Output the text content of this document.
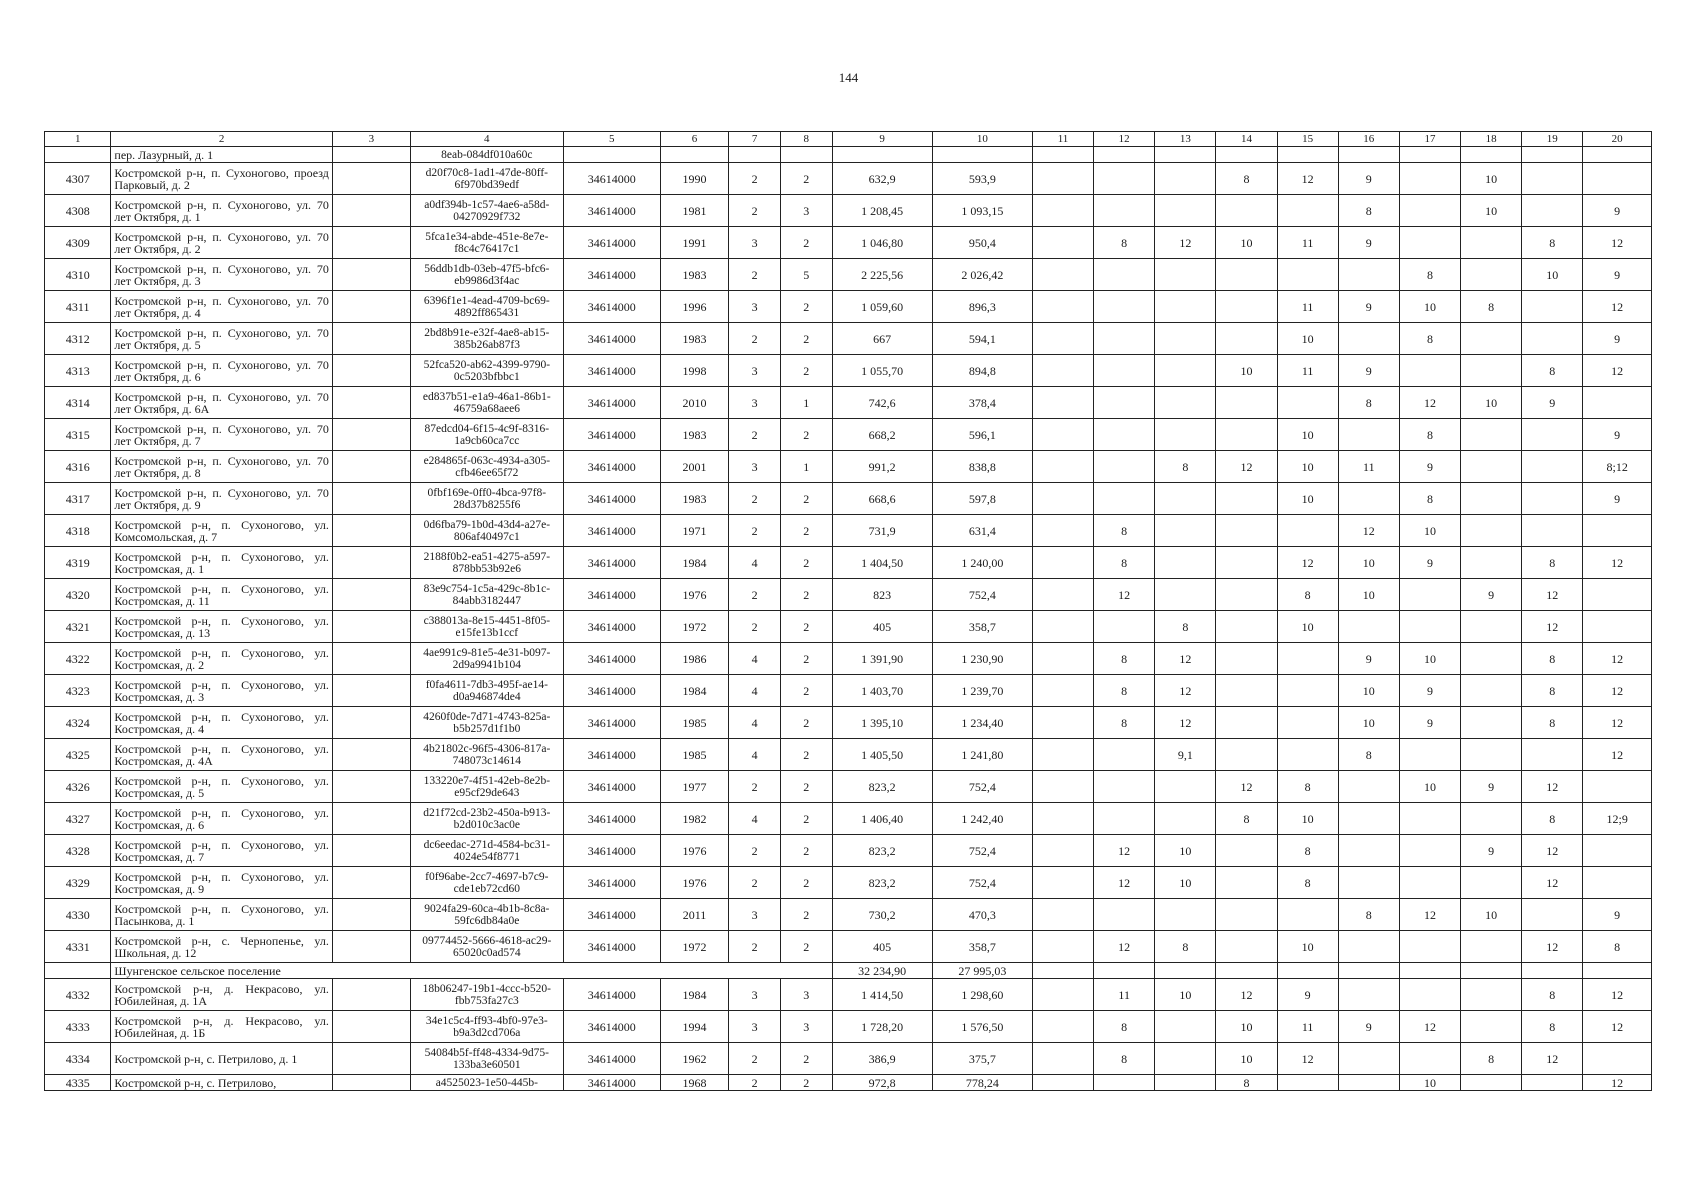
144
1	2	3	4	5	6	7	8	9	10	11	12	13	14	15	16	17	18	19	20
	пер. Лазурный, д. 1		8eab-084df010a60c																
4307	Костромской р-н, п. Сухоногово, проезд Парковый, д. 2		d20f70c8-1ad1-47de-80ff-6f970bd39edf	34614000	1990	2	2	632,9	593,9				8	12	9		10		
4308	Костромской р-н, п. Сухоногово, ул. 70 лет Октября, д. 1		a0df394b-1c57-4ae6-a58d-04270929f732	34614000	1981	2	3	1 208,45	1 093,15						8		10		9
4309	Костромской р-н, п. Сухоногово, ул. 70 лет Октября, д. 2		5fca1e34-abde-451e-8e7e-f8c4c76417c1	34614000	1991	3	2	1 046,80	950,4		8	12	10	11	9			8	12
4310	Костромской р-н, п. Сухоногово, ул. 70 лет Октября, д. 3		56ddb1db-03eb-47f5-bfc6-eb9986d3f4ac	34614000	1983	2	5	2 225,56	2 026,42							8		10	9
4311	Костромской р-н, п. Сухоногово, ул. 70 лет Октября, д. 4		6396f1e1-4ead-4709-bc69-4892ff865431	34614000	1996	3	2	1 059,60	896,3					11	9	10	8		12
4312	Костромской р-н, п. Сухоногово, ул. 70 лет Октября, д. 5		2bd8b91e-e32f-4ae8-ab15-385b26ab87f3	34614000	1983	2	2	667	594,1					10		8			9
4313	Костромской р-н, п. Сухоногово, ул. 70 лет Октября, д. 6		52fca520-ab62-4399-9790-0c5203bfbbc1	34614000	1998	3	2	1 055,70	894,8				10	11	9			8	12
4314	Костромской р-н, п. Сухоногово, ул. 70 лет Октября, д. 6А		ed837b51-e1a9-46a1-86b1-46759a68aee6	34614000	2010	3	1	742,6	378,4						8	12	10	9	
4315	Костромской р-н, п. Сухоногово, ул. 70 лет Октября, д. 7		87edcd04-6f15-4c9f-8316-1a9cb60ca7cc	34614000	1983	2	2	668,2	596,1					10		8			9
4316	Костромской р-н, п. Сухоногово, ул. 70 лет Октября, д. 8		e284865f-063c-4934-a305-cfb46ee65f72	34614000	2001	3	1	991,2	838,8			8	12	10	11	9			8;12
4317	Костромской р-н, п. Сухоногово, ул. 70 лет Октября, д. 9		0fbf169e-0ff0-4bca-97f8-28d37b8255f6	34614000	1983	2	2	668,6	597,8					10		8			9
4318	Костромской р-н, п. Сухоногово, ул. Комсомольская, д. 7		0d6fba79-1b0d-43d4-a27e-806af40497c1	34614000	1971	2	2	731,9	631,4		8				12	10			
4319	Костромской р-н, п. Сухоногово, ул. Костромская, д. 1		2188f0b2-ea51-4275-a597-878bb53b92e6	34614000	1984	4	2	1 404,50	1 240,00		8			12	10	9		8	12
4320	Костромской р-н, п. Сухоногово, ул. Костромская, д. 11		83e9c754-1c5a-429c-8b1c-84abb3182447	34614000	1976	2	2	823	752,4		12			8	10		9	12	
4321	Костромской р-н, п. Сухоногово, ул. Костромская, д. 13		c388013a-8e15-4451-8f05-e15fe13b1ccf	34614000	1972	2	2	405	358,7			8		10				12	
4322	Костромской р-н, п. Сухоногово, ул. Костромская, д. 2		4ae991c9-81e5-4e31-b097-2d9a9941b104	34614000	1986	4	2	1 391,90	1 230,90		8	12			9	10		8	12
4323	Костромской р-н, п. Сухоногово, ул. Костромская, д. 3		f0fa4611-7db3-495f-ae14-d0a946874de4	34614000	1984	4	2	1 403,70	1 239,70		8	12			10	9		8	12
4324	Костромской р-н, п. Сухоногово, ул. Костромская, д. 4		4260f0de-7d71-4743-825a-b5b257d1f1b0	34614000	1985	4	2	1 395,10	1 234,40		8	12			10	9		8	12
4325	Костромской р-н, п. Сухоногово, ул. Костромская, д. 4А		4b21802c-96f5-4306-817a-748073c14614	34614000	1985	4	2	1 405,50	1 241,80			9,1			8				12
4326	Костромской р-н, п. Сухоногово, ул. Костромская, д. 5		133220e7-4f51-42eb-8e2b-e95cf29de643	34614000	1977	2	2	823,2	752,4				12	8		10	9	12	
4327	Костромской р-н, п. Сухоногово, ул. Костромская, д. 6		d21f72cd-23b2-450a-b913-b2d010c3ac0e	34614000	1982	4	2	1 406,40	1 242,40				8	10				8	12;9
4328	Костромской р-н, п. Сухоногово, ул. Костромская, д. 7		dc6eedac-271d-4584-bc31-4024e54f8771	34614000	1976	2	2	823,2	752,4		12	10		8			9	12	
4329	Костромской р-н, п. Сухоногово, ул. Костромская, д. 9		f0f96abe-2cc7-4697-b7c9-cde1eb72cd60	34614000	1976	2	2	823,2	752,4		12	10		8				12	
4330	Костромской р-н, п. Сухоногово, ул. Пасынкова, д. 1		9024fa29-60ca-4b1b-8c8a-59fc6db84a0e	34614000	2011	3	2	730,2	470,3						8	12	10		9
4331	Костромской р-н, с. Чернопенье, ул. Школьная, д. 12		09774452-5666-4618-ac29-65020c0ad574	34614000	1972	2	2	405	358,7		12	8		10				12	8
	Шунгенское сельское поселение							32 234,90	27 995,03										
4332	Костромской р-н, д. Некрасово, ул. Юбилейная, д. 1А		18b06247-19b1-4ccc-b520-fbb753fa27c3	34614000	1984	3	3	1 414,50	1 298,60		11	10	12	9				8	12
4333	Костромской р-н, д. Некрасово, ул. Юбилейная, д. 1Б		34e1c5c4-ff93-4bf0-97e3-b9a3d2cd706a	34614000	1994	3	3	1 728,20	1 576,50		8		10	11	9	12		8	12
4334	Костромской р-н, с. Петрилово, д. 1		54084b5f-ff48-4334-9d75-133ba3e60501	34614000	1962	2	2	386,9	375,7		8		10	12			8	12	
4335	Костромской р-н, с. Петрилово,		a4525023-1e50-445b-	34614000	1968	2	2	972,8	778,24				8			10			12
